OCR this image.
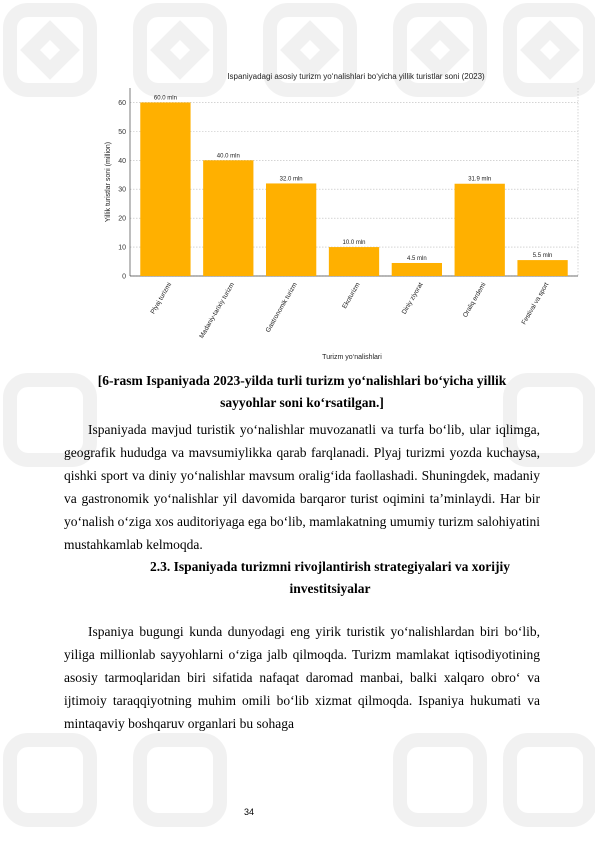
Ispaniyadagi asosiy turizm yo‘nalishlari bo‘yicha yillik turistlar soni (2023)
0
10
20
30
40
50
60
Yillik turistlar soni (million)
60.0 mln
Plyaj turizmi
40.0 mln
Madaniy-tarixiy turizm
32.0 mln
Gastronomik turizm
10.0 mln
Ekoturizm
4.5 mln
Diniy ziyorat
31.9 mln
Oraliq erdemi
5.5 mln
Festival va sport
Turizm yo‘nalishlari
[6-rasm Ispaniyada 2023-yilda turli turizm yo‘nalishlari bo‘yicha yillik
sayyohlar soni ko‘rsatilgan.]

Ispaniyada mavjud turistik yo‘nalishlar muvozanatli va turfa bo‘lib, ular iqlimga, geografik hududga va mavsumiylikka qarab farqlanadi. Plyaj turizmi yozda kuchaysa, qishki sport va diniy yo‘nalishlar mavsum oralig‘ida faollashadi. Shuningdek, madaniy va gastronomik yo‘nalishlar yil davomida barqaror turist oqimini ta’minlaydi. Har bir yo‘nalish o‘ziga xos auditoriyaga ega bo‘lib, mamlakatning umumiy turizm salohiyatini mustahkamlab kelmoqda.

2.3. Ispaniyada turizmni rivojlantirish strategiyalari va xorijiy
investitsiyalar

Ispaniya bugungi kunda dunyodagi eng yirik turistik yo‘nalishlardan biri bo‘lib, yiliga millionlab sayyohlarni o‘ziga jalb qilmoqda. Turizm mamlakat iqtisodiyotining asosiy tarmoqlaridan biri sifatida nafaqat daromad manbai, balki xalqaro obro‘ va ijtimoiy taraqqiyotning muhim omili bo‘lib xizmat qilmoqda. Ispaniya hukumati va mintaqaviy boshqaruv organlari bu sohaga

34
